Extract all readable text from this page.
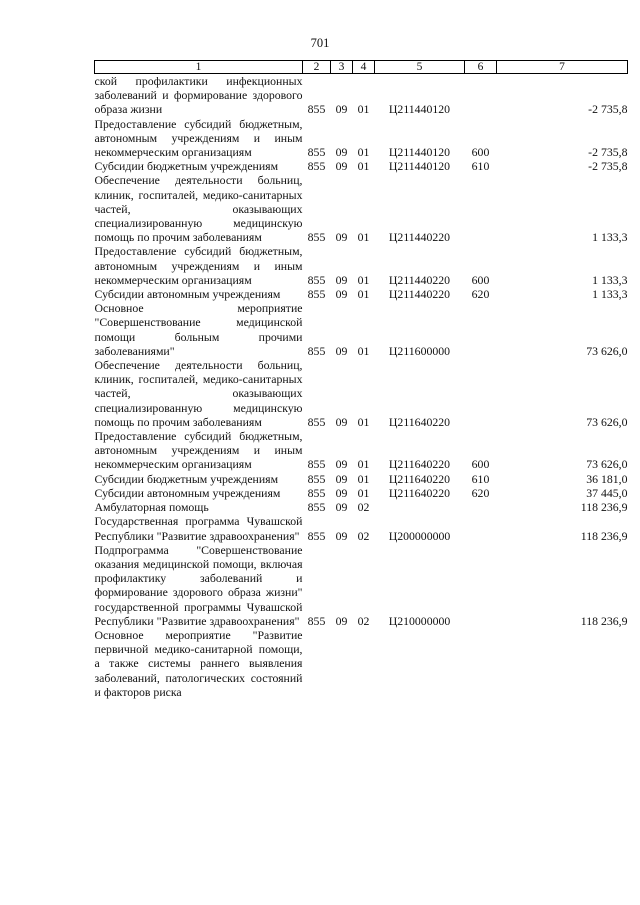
701
1	2	3	4	5	6	7
ской профилактики инфекционных заболеваний и формирование здорового образа жизни	855	09	01	Ц211440120		-2 735,8
Предоставление субсидий бюджетным, автономным учреждениям и иным некоммерческим организациям	855	09	01	Ц211440120	600	-2 735,8
Субсидии бюджетным учреждениям	855	09	01	Ц211440120	610	-2 735,8
Обеспечение деятельности больниц, клиник, госпиталей, медико-санитарных частей, оказывающих специализированную медицинскую помощь по прочим заболеваниям	855	09	01	Ц211440220		1 133,3
Предоставление субсидий бюджетным, автономным учреждениям и иным некоммерческим организациям	855	09	01	Ц211440220	600	1 133,3
Субсидии автономным учреждениям	855	09	01	Ц211440220	620	1 133,3
Основное мероприятие "Совершенствование медицинской помощи больным прочими заболеваниями"	855	09	01	Ц211600000		73 626,0
Обеспечение деятельности больниц, клиник, госпиталей, медико-санитарных частей, оказывающих специализированную медицинскую помощь по прочим заболеваниям	855	09	01	Ц211640220		73 626,0
Предоставление субсидий бюджетным, автономным учреждениям и иным некоммерческим организациям	855	09	01	Ц211640220	600	73 626,0
Субсидии бюджетным учреждениям	855	09	01	Ц211640220	610	36 181,0
Субсидии автономным учреждениям	855	09	01	Ц211640220	620	37 445,0
Амбулаторная помощь	855	09	02			118 236,9
Государственная программа Чувашской Республики "Развитие здравоохранения"	855	09	02	Ц200000000		118 236,9
Подпрограмма "Совершенствование оказания медицинской помощи, включая профилактику заболеваний и формирование здорового образа жизни" государственной программы Чувашской Республики "Развитие здравоохранения"	855	09	02	Ц210000000		118 236,9
Основное мероприятие "Развитие первичной медико-санитарной помощи, а также системы раннего выявления заболеваний, патологических состояний и факторов риска						
